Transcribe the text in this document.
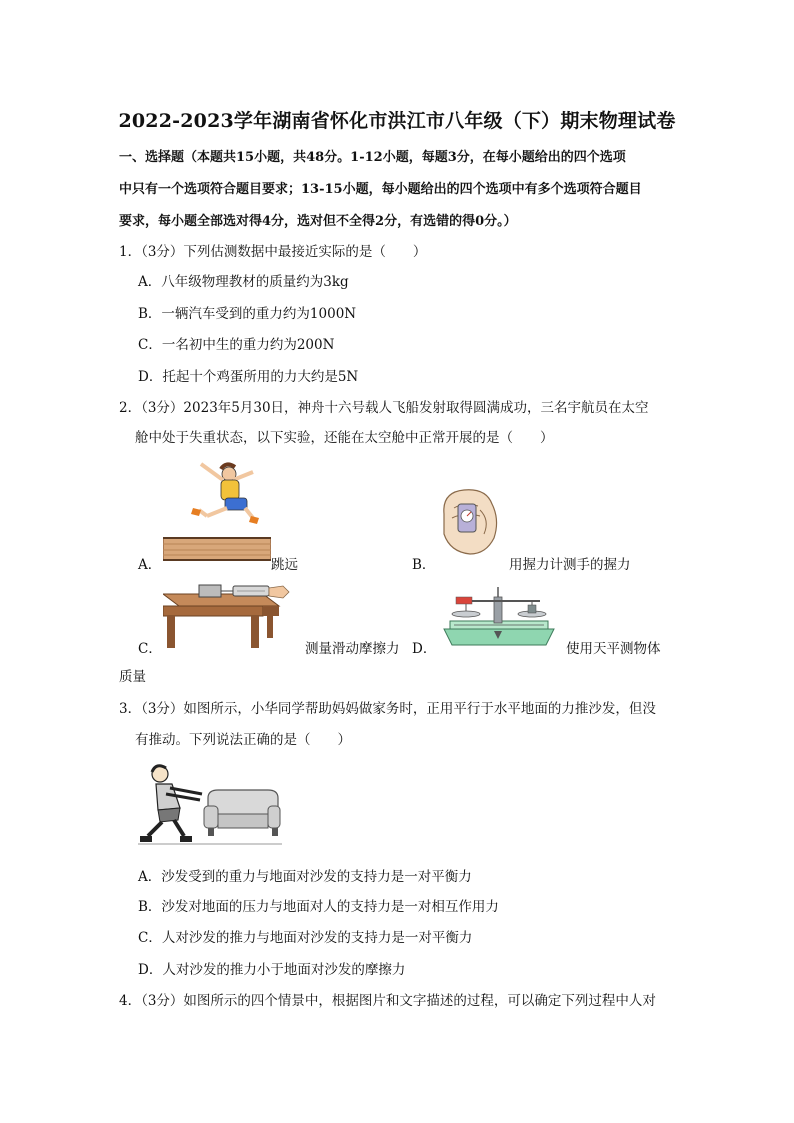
2022-2023学年湖南省怀化市洪江市八年级（下）期末物理试卷
一、选择题（本题共15小题，共48分。1-12小题，每题3分，在每小题给出的四个选项
中只有一个选项符合题目要求；13-15小题，每小题给出的四个选项中有多个选项符合题目
要求，每小题全部选对得4分，选对但不全得2分，有选错的得0分。）
1．（3分）下列估测数据中最接近实际的是（　　）
A．八年级物理教材的质量约为3kg
B．一辆汽车受到的重力约为1000N
C．一名初中生的重力约为200N
D．托起十个鸡蛋所用的力大约是5N
2．（3分）2023年5月30日，神舟十六号载人飞船发射取得圆满成功，三名宇航员在太空
舱中处于失重状态，以下实验，还能在太空舱中正常开展的是（　　）
A．	跳远	B．	用握力计测手的握力
C．	测量滑动摩擦力 D．	使用天平测物体
质量
3．（3分）如图所示，小华同学帮助妈妈做家务时，正用平行于水平地面的力推沙发，但没
有推动。下列说法正确的是（　　）
A．沙发受到的重力与地面对沙发的支持力是一对平衡力
B．沙发对地面的压力与地面对人的支持力是一对相互作用力
C．人对沙发的推力与地面对沙发的支持力是一对平衡力
D．人对沙发的推力小于地面对沙发的摩擦力
4．（3分）如图所示的四个情景中，根据图片和文字描述的过程，可以确定下列过程中人对
